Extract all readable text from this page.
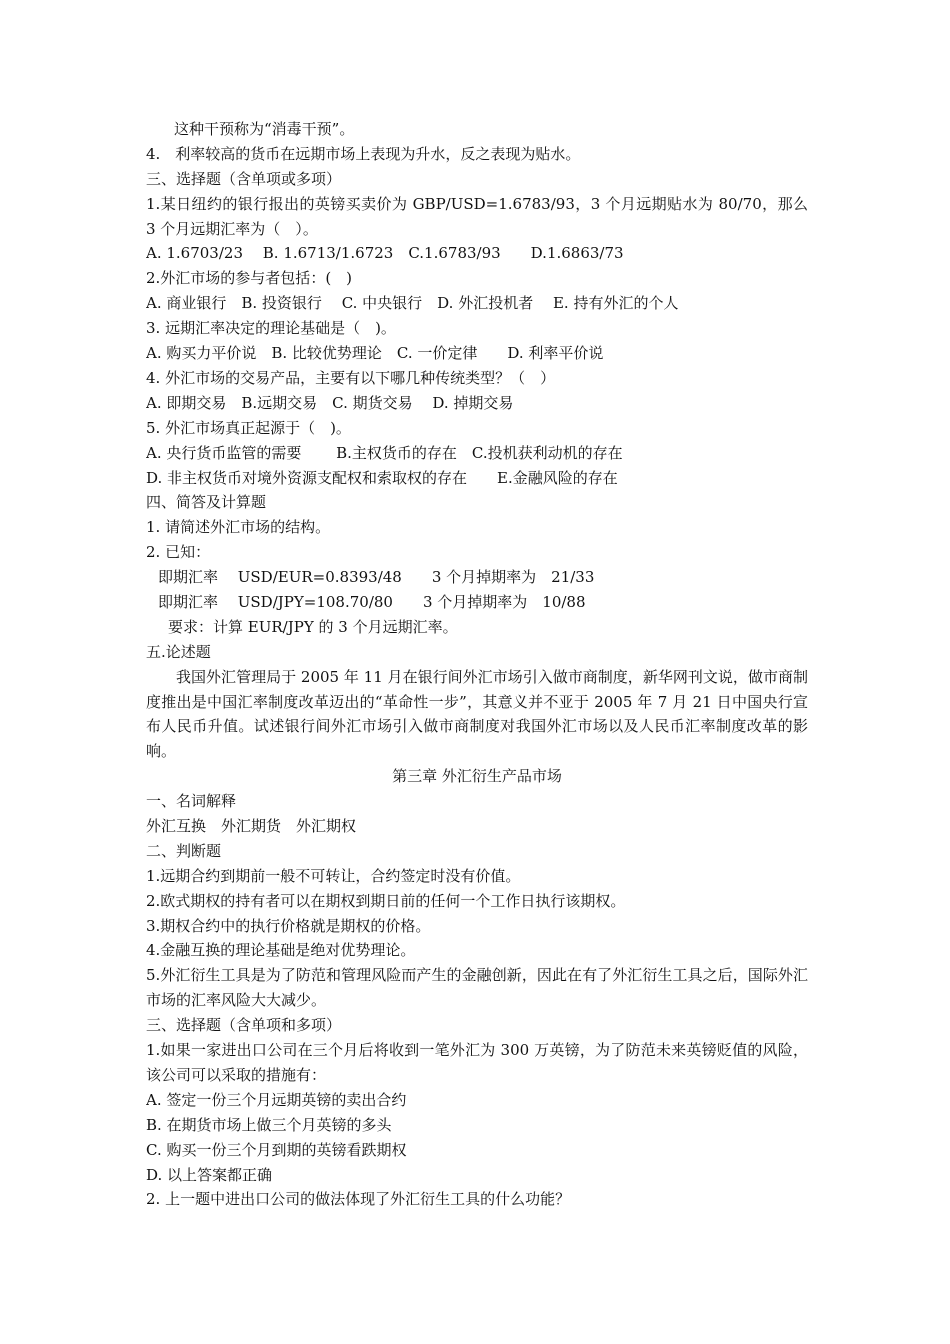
这种干预称为“消毒干预”。
4.　利率较高的货币在远期市场上表现为升水，反之表现为贴水。
三、选择题（含单项或多项）
1.某日纽约的银行报出的英镑买卖价为 GBP/USD=1.6783/93，3 个月远期贴水为 80/70，那么 3 个月远期汇率为（　）。
A. 1.6703/23　 B. 1.6713/1.6723　C.1.6783/93　　D.1.6863/73
2.外汇市场的参与者包括：(　)
A. 商业银行　B. 投资银行　 C. 中央银行　D. 外汇投机者　 E. 持有外汇的个人
3. 远期汇率决定的理论基础是（　)。
A. 购买力平价说　B. 比较优势理论　C. 一价定律　　D. 利率平价说
4. 外汇市场的交易产品，主要有以下哪几种传统类型？（　）
A. 即期交易　B.远期交易　C. 期货交易　 D. 掉期交易
5. 外汇市场真正起源于（　)。
A. 央行货币监管的需要　　 B.主权货币的存在　C.投机获利动机的存在
D. 非主权货币对境外资源支配权和索取权的存在　　E.金融风险的存在
四、简答及计算题
1. 请简述外汇市场的结构。
2. 已知：
即期汇率　 USD/EUR=0.8393/48　　3 个月掉期率为　21/33
即期汇率　 USD/JPY=108.70/80　　3 个月掉期率为　10/88
要求：计算 EUR/JPY 的 3 个月远期汇率。
五.论述题
我国外汇管理局于 2005 年 11 月在银行间外汇市场引入做市商制度，新华网刊文说，做市商制度推出是中国汇率制度改革迈出的“革命性一步”，其意义并不亚于 2005 年 7 月 21 日中国央行宣布人民币升值。试述银行间外汇市场引入做市商制度对我国外汇市场以及人民币汇率制度改革的影响。
第三章 外汇衍生产品市场
一、名词解释
外汇互换　外汇期货　外汇期权
二、判断题
1.远期合约到期前一般不可转让，合约签定时没有价值。
2.欧式期权的持有者可以在期权到期日前的任何一个工作日执行该期权。
3.期权合约中的执行价格就是期权的价格。
4.金融互换的理论基础是绝对优势理论。
5.外汇衍生工具是为了防范和管理风险而产生的金融创新，因此在有了外汇衍生工具之后，国际外汇市场的汇率风险大大减少。
三、选择题（含单项和多项）
1.如果一家进出口公司在三个月后将收到一笔外汇为 300 万英镑，为了防范未来英镑贬值的风险，该公司可以采取的措施有：
A. 签定一份三个月远期英镑的卖出合约
B. 在期货市场上做三个月英镑的多头
C. 购买一份三个月到期的英镑看跌期权
D. 以上答案都正确
2. 上一题中进出口公司的做法体现了外汇衍生工具的什么功能？
